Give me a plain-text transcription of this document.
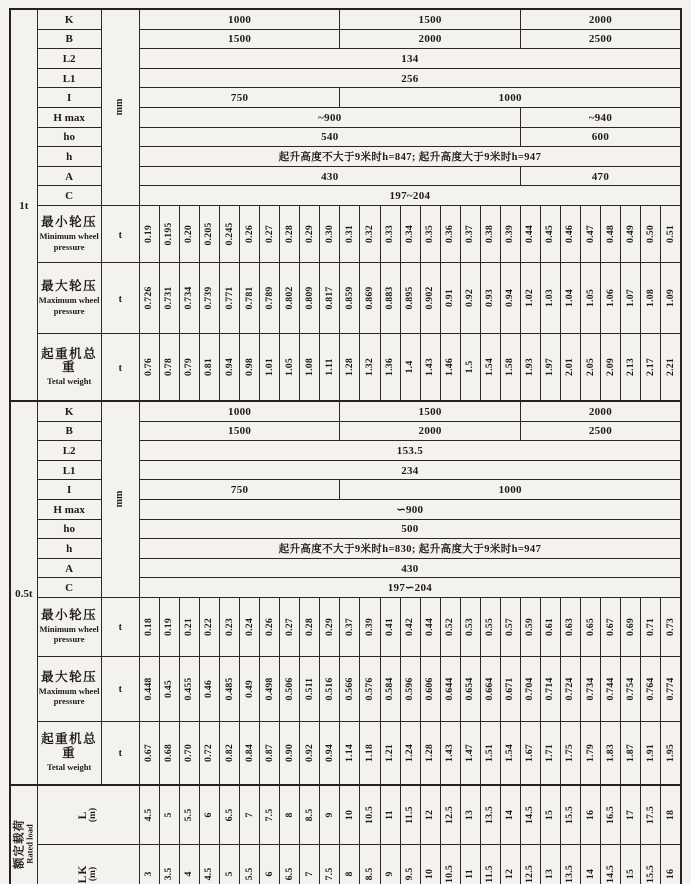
1t	K	mm	1000										1500									2000							
	B		1500										2000									2500							
	L2		134																										
	L1		256																										
	I		750										1000																
	H max		~900																			~940							
	ho		540																			600							
	h		起升高度不大于9米时h=847; 起升高度大于9米时h=947																										
	A		430																			470							
	C		197~204																										

	最小轮压
Minimum wheel pressure	t	0.19	0.195	0.20	0.205	0.245	0.26	0.27	0.28	0.29	0.30	0.31	0.32	0.33	0.34	0.35	0.36	0.37	0.38	0.39	0.44	0.45	0.46	0.47	0.48	0.49	0.50	0.51

	最大轮压
Maximum wheel pressure	t	0.726	0.731	0.734	0.739	0.771	0.781	0.789	0.802	0.809	0.817	0.859	0.869	0.883	0.895	0.902	0.91	0.92	0.93	0.94	1.02	1.03	1.04	1.05	1.06	1.07	1.08	1.09

	起重机总重
Tetal weight	t	0.76	0.78	0.79	0.81	0.94	0.98	1.01	1.05	1.08	1.11	1.28	1.32	1.36	1.4	1.43	1.46	1.5	1.54	1.58	1.93	1.97	2.01	2.05	2.09	2.13	2.17	2.21

0.5t	K	mm	1000										1500									2000							
	B		1500										2000									2500							
	L2		153.5																										
	L1		234																										
	I		750										1000																
	H max		∽900																										
	ho		500																										
	h		起升高度不大于9米时h=830; 起升高度大于9米时h=947																										
	A		430																										
	C		197∽204																										

	最小轮压
Minimum wheel pressure	t	0.18	0.19	0.21	0.22	0.23	0.24	0.26	0.27	0.28	0.29	0.37	0.39	0.41	0.42	0.44	0.52	0.53	0.55	0.57	0.59	0.61	0.63	0.65	0.67	0.69	0.71	0.73

	最大轮压
Maximum wheel pressure	t	0.448	0.45	0.455	0.46	0.485	0.49	0.498	0.506	0.511	0.516	0.566	0.576	0.584	0.596	0.606	0.644	0.654	0.664	0.671	0.704	0.714	0.724	0.734	0.744	0.754	0.764	0.774

	起重机总重
Tetal weight	t	0.67	0.68	0.70	0.72	0.82	0.84	0.87	0.90	0.92	0.94	1.14	1.18	1.21	1.24	1.28	1.43	1.47	1.51	1.54	1.67	1.71	1.75	1.79	1.83	1.87	1.91	1.95

额定载荷 Rated load

L (m)	4.5	5	5.5	6	6.5	7	7.5	8	8.5	9	10	10.5	11	11.5	12	12.5	13	13.5	14	14.5	15	15.5	16	16.5	17	17.5	18

	LK (m)		3	3.5	4	4.5	5	5.5	6	6.5	7	7.5	8	8.5	9	9.5	10	10.5	11	11.5	12	12.5	13	13.5	14	14.5	15	15.5	16
